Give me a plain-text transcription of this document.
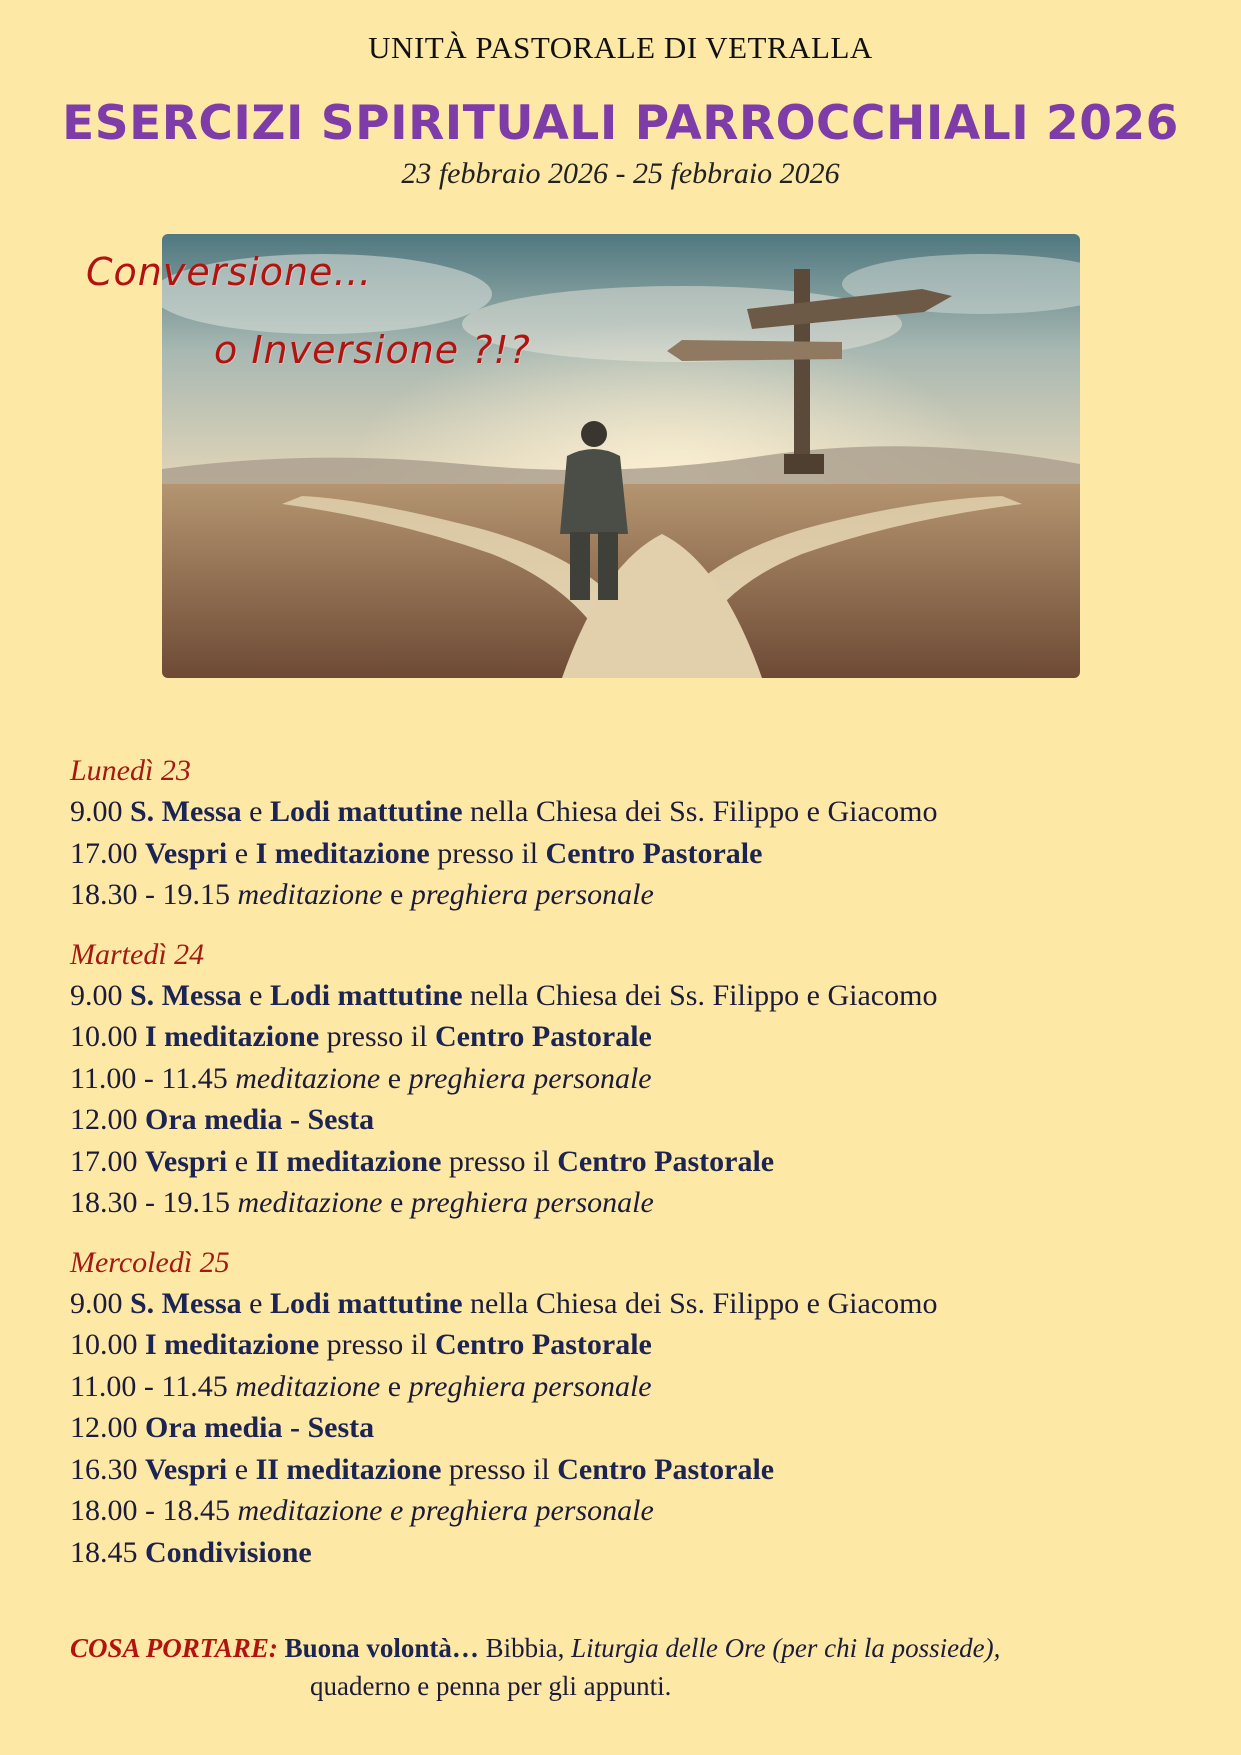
UNITÀ PASTORALE DI VETRALLA
ESERCIZI SPIRITUALI PARROCCHIALI 2026
23 febbraio 2026 - 25 febbraio 2026
Conversione…
o Inversione ?!?
Lunedì 23
9.00 S. Messa e Lodi mattutine nella Chiesa dei Ss. Filippo e Giacomo
17.00 Vespri e I meditazione presso il Centro Pastorale
18.30 - 19.15 meditazione e preghiera personale
Martedì 24
9.00 S. Messa e Lodi mattutine nella Chiesa dei Ss. Filippo e Giacomo
10.00 I meditazione presso il Centro Pastorale
11.00 - 11.45 meditazione e preghiera personale
12.00 Ora media - Sesta
17.00 Vespri e II meditazione presso il Centro Pastorale
18.30 - 19.15 meditazione e preghiera personale
Mercoledì 25
9.00 S. Messa e Lodi mattutine nella Chiesa dei Ss. Filippo e Giacomo
10.00 I meditazione presso il Centro Pastorale
11.00 - 11.45 meditazione e preghiera personale
12.00 Ora media - Sesta
16.30 Vespri e II meditazione presso il Centro Pastorale
18.00 - 18.45 meditazione e preghiera personale
18.45 Condivisione
COSA PORTARE: Buona volontà… Bibbia, Liturgia delle Ore (per chi la possiede),
quaderno e penna per gli appunti.
